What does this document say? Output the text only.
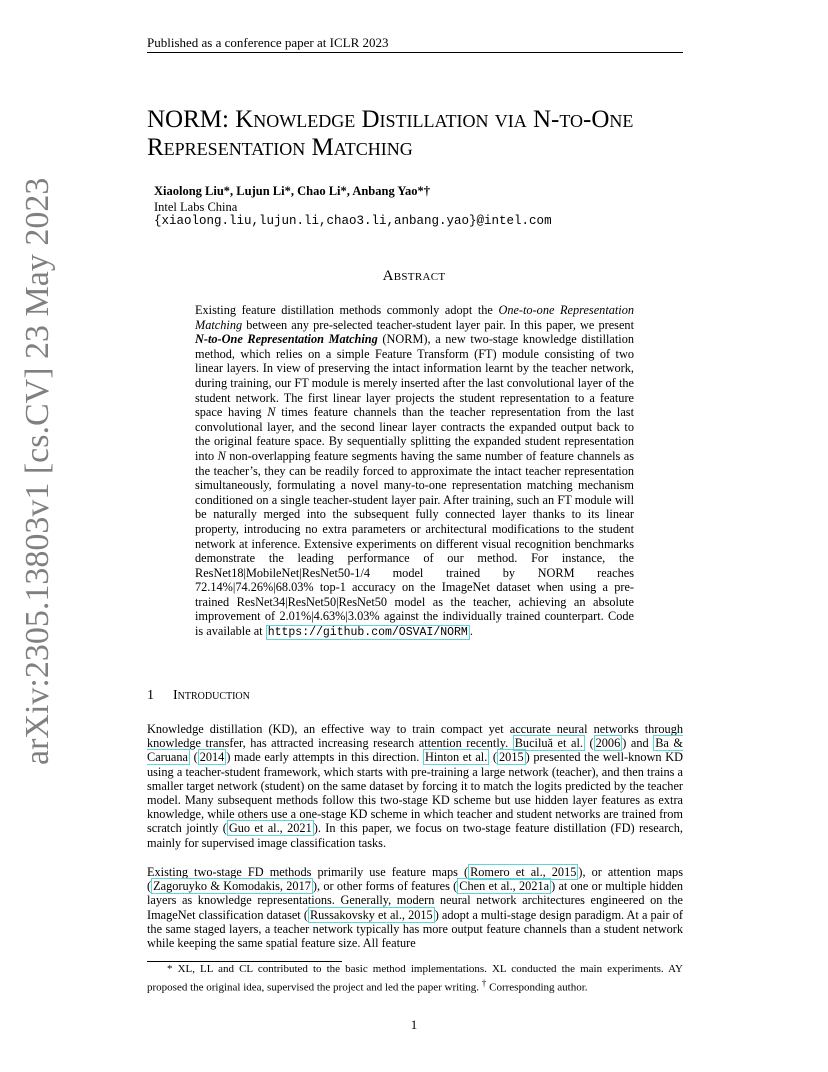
Published as a conference paper at ICLR 2023
arXiv:2305.13803v1 [cs.CV] 23 May 2023
NORM: Knowledge Distillation via N-to-One
Representation Matching
Xiaolong Liu*, Lujun Li*, Chao Li*, Anbang Yao*†
Intel Labs China
{xiaolong.liu,lujun.li,chao3.li,anbang.yao}@intel.com
Abstract
Existing feature distillation methods commonly adopt the One-to-one Representation Matching between any pre-selected teacher-student layer pair. In this paper, we present N-to-One Representation Matching (NORM), a new two-stage knowledge distillation method, which relies on a simple Feature Transform (FT) module consisting of two linear layers. In view of preserving the intact information learnt by the teacher network, during training, our FT module is merely inserted after the last convolutional layer of the student network. The first linear layer projects the student representation to a feature space having N times feature channels than the teacher representation from the last convolutional layer, and the second linear layer contracts the expanded output back to the original feature space. By sequentially splitting the expanded student representation into N non-overlapping feature segments having the same number of feature channels as the teacher’s, they can be readily forced to approximate the intact teacher representation simultaneously, formulating a novel many-to-one representation matching mechanism conditioned on a single teacher-student layer pair. After training, such an FT module will be naturally merged into the subsequent fully connected layer thanks to its linear property, introducing no extra parameters or architectural modifications to the student network at inference. Extensive experiments on different visual recognition benchmarks demonstrate the leading performance of our method. For instance, the ResNet18|MobileNet|ResNet50-1/4 model trained by NORM reaches 72.14%|74.26%|68.03% top-1 accuracy on the ImageNet dataset when using a pre-trained ResNet34|ResNet50|ResNet50 model as the teacher, achieving an absolute improvement of 2.01%|4.63%|3.03% against the individually trained counterpart. Code is available at https://github.com/OSVAI/NORM .
1 Introduction
Knowledge distillation (KD), an effective way to train compact yet accurate neural networks through knowledge transfer, has attracted increasing research attention recently. Buciluǎ et al. ( 2006 ) and Ba & Caruana ( 2014 ) made early attempts in this direction. Hinton et al. ( 2015 ) presented the well-known KD using a teacher-student framework, which starts with pre-training a large network (teacher), and then trains a smaller target network (student) on the same dataset by forcing it to match the logits predicted by the teacher model. Many subsequent methods follow this two-stage KD scheme but use hidden layer features as extra knowledge, while others use a one-stage KD scheme in which teacher and student networks are trained from scratch jointly ( Guo et al., 2021 ). In this paper, we focus on two-stage feature distillation (FD) research, mainly for supervised image classification tasks.
Existing two-stage FD methods primarily use feature maps ( Romero et al., 2015 ), or attention maps ( Zagoruyko & Komodakis, 2017 ), or other forms of features ( Chen et al., 2021a ) at one or multiple hidden layers as knowledge representations. Generally, modern neural network architectures engineered on the ImageNet classification dataset ( Russakovsky et al., 2015 ) adopt a multi-stage design paradigm. At a pair of the same staged layers, a teacher network typically has more output feature channels than a student network while keeping the same spatial feature size. All feature
* XL, LL and CL contributed to the basic method implementations. XL conducted the main experiments. AY proposed the original idea, supervised the project and led the paper writing. † Corresponding author.
1
